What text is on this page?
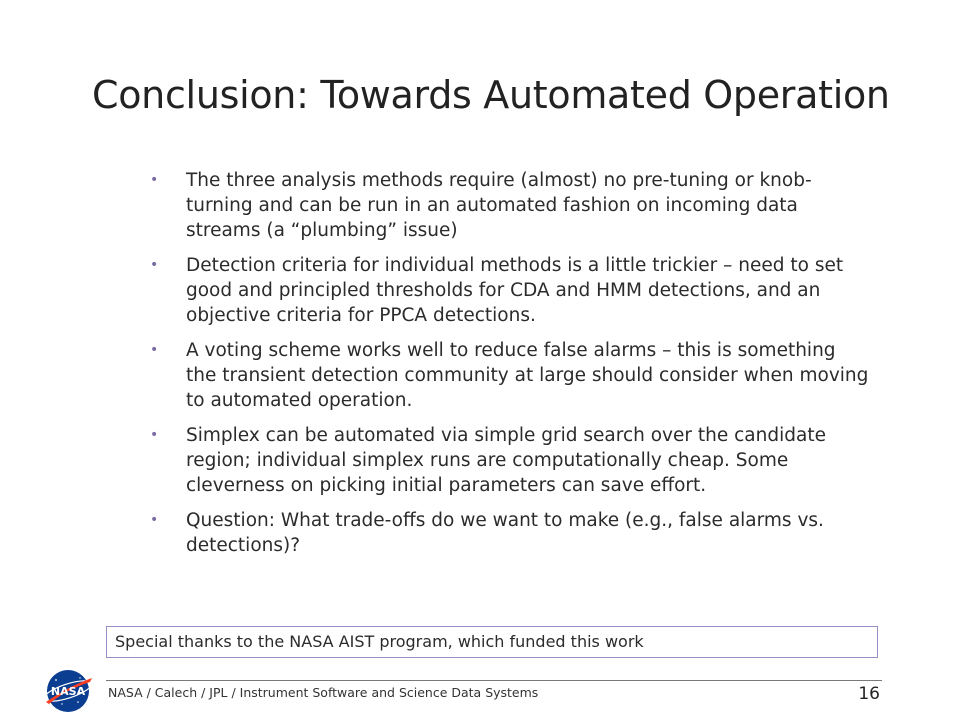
Conclusion: Towards Automated Operation
• The three analysis methods require (almost) no pre-tuning or knob-turning and can be run in an automated fashion on incoming data streams (a “plumbing” issue)
• Detection criteria for individual methods is a little trickier – need to set good and principled thresholds for CDA and HMM detections, and an objective criteria for PPCA detections.
• A voting scheme works well to reduce false alarms – this is something the transient detection community at large should consider when moving to automated operation.
• Simplex can be automated via simple grid search over the candidate region; individual simplex runs are computationally cheap. Some cleverness on picking initial parameters can save effort.
• Question: What trade-offs do we want to make (e.g., false alarms vs. detections)?
Special thanks to the NASA AIST program, which funded this work
NASA / Calech / JPL / Instrument Software and Science Data Systems	16
NASA
